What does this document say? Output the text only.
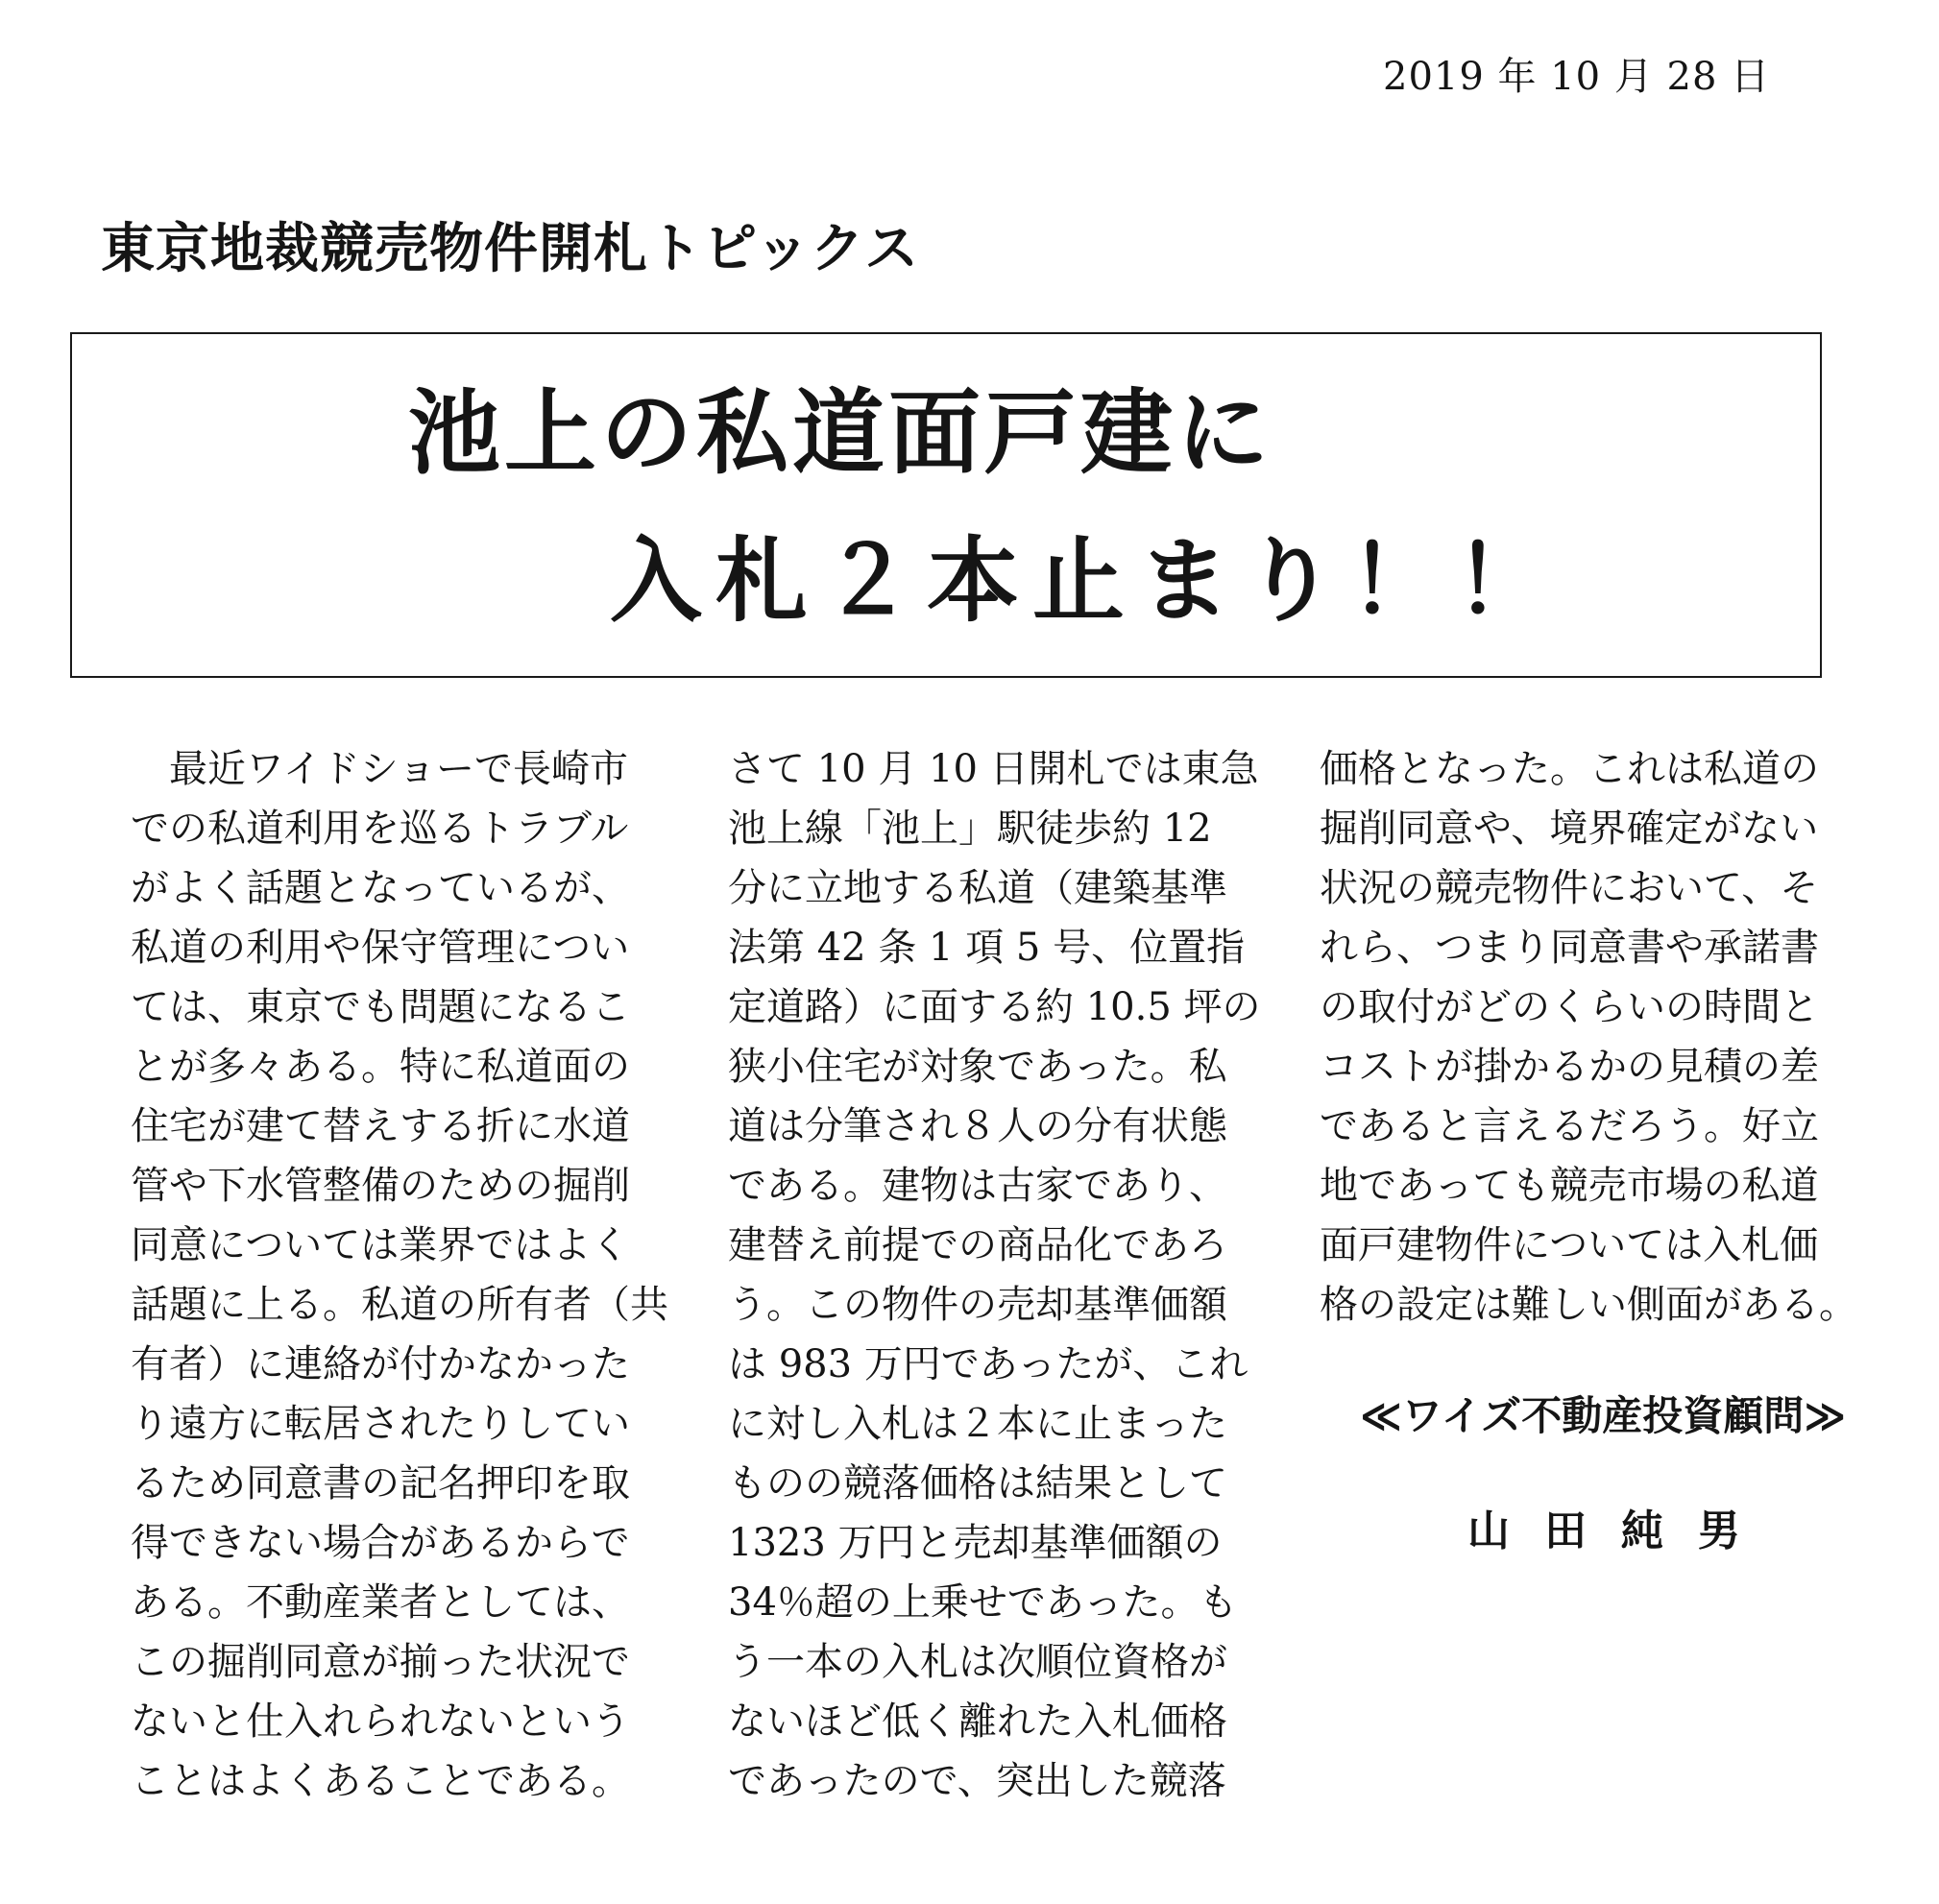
2019 年 10 月 28 日
東京地裁競売物件開札トピックス
池上の私道面戸建に
入札２本止まり！！
　最近ワイドショーで長崎市
での私道利用を巡るトラブル
がよく話題となっているが、
私道の利用や保守管理につい
ては、東京でも問題になるこ
とが多々ある。特に私道面の
住宅が建て替えする折に水道
管や下水管整備のための掘削
同意については業界ではよく
話題に上る。私道の所有者（共
有者）に連絡が付かなかった
り遠方に転居されたりしてい
るため同意書の記名押印を取
得できない場合があるからで
ある。不動産業者としては、
この掘削同意が揃った状況で
ないと仕入れられないという
ことはよくあることである。
さて 10 月 10 日開札では東急
池上線「池上」駅徒歩約 12
分に立地する私道（建築基準
法第 42 条 1 項 5 号、位置指
定道路）に面する約 10.5 坪の
狭小住宅が対象であった。私
道は分筆され８人の分有状態
である。建物は古家であり、
建替え前提での商品化であろ
う。この物件の売却基準価額
は 983 万円であったが、これ
に対し入札は２本に止まった
ものの競落価格は結果として
1323 万円と売却基準価額の
34％超の上乗せであった。も
う一本の入札は次順位資格が
ないほど低く離れた入札価格
であったので、突出した競落
価格となった。これは私道の
掘削同意や、境界確定がない
状況の競売物件において、そ
れら、つまり同意書や承諾書
の取付がどのくらいの時間と
コストが掛かるかの見積の差
であると言えるだろう。好立
地であっても競売市場の私道
面戸建物件については入札価
格の設定は難しい側面がある。
≪ワイズ不動産投資顧問≫
山田純男
